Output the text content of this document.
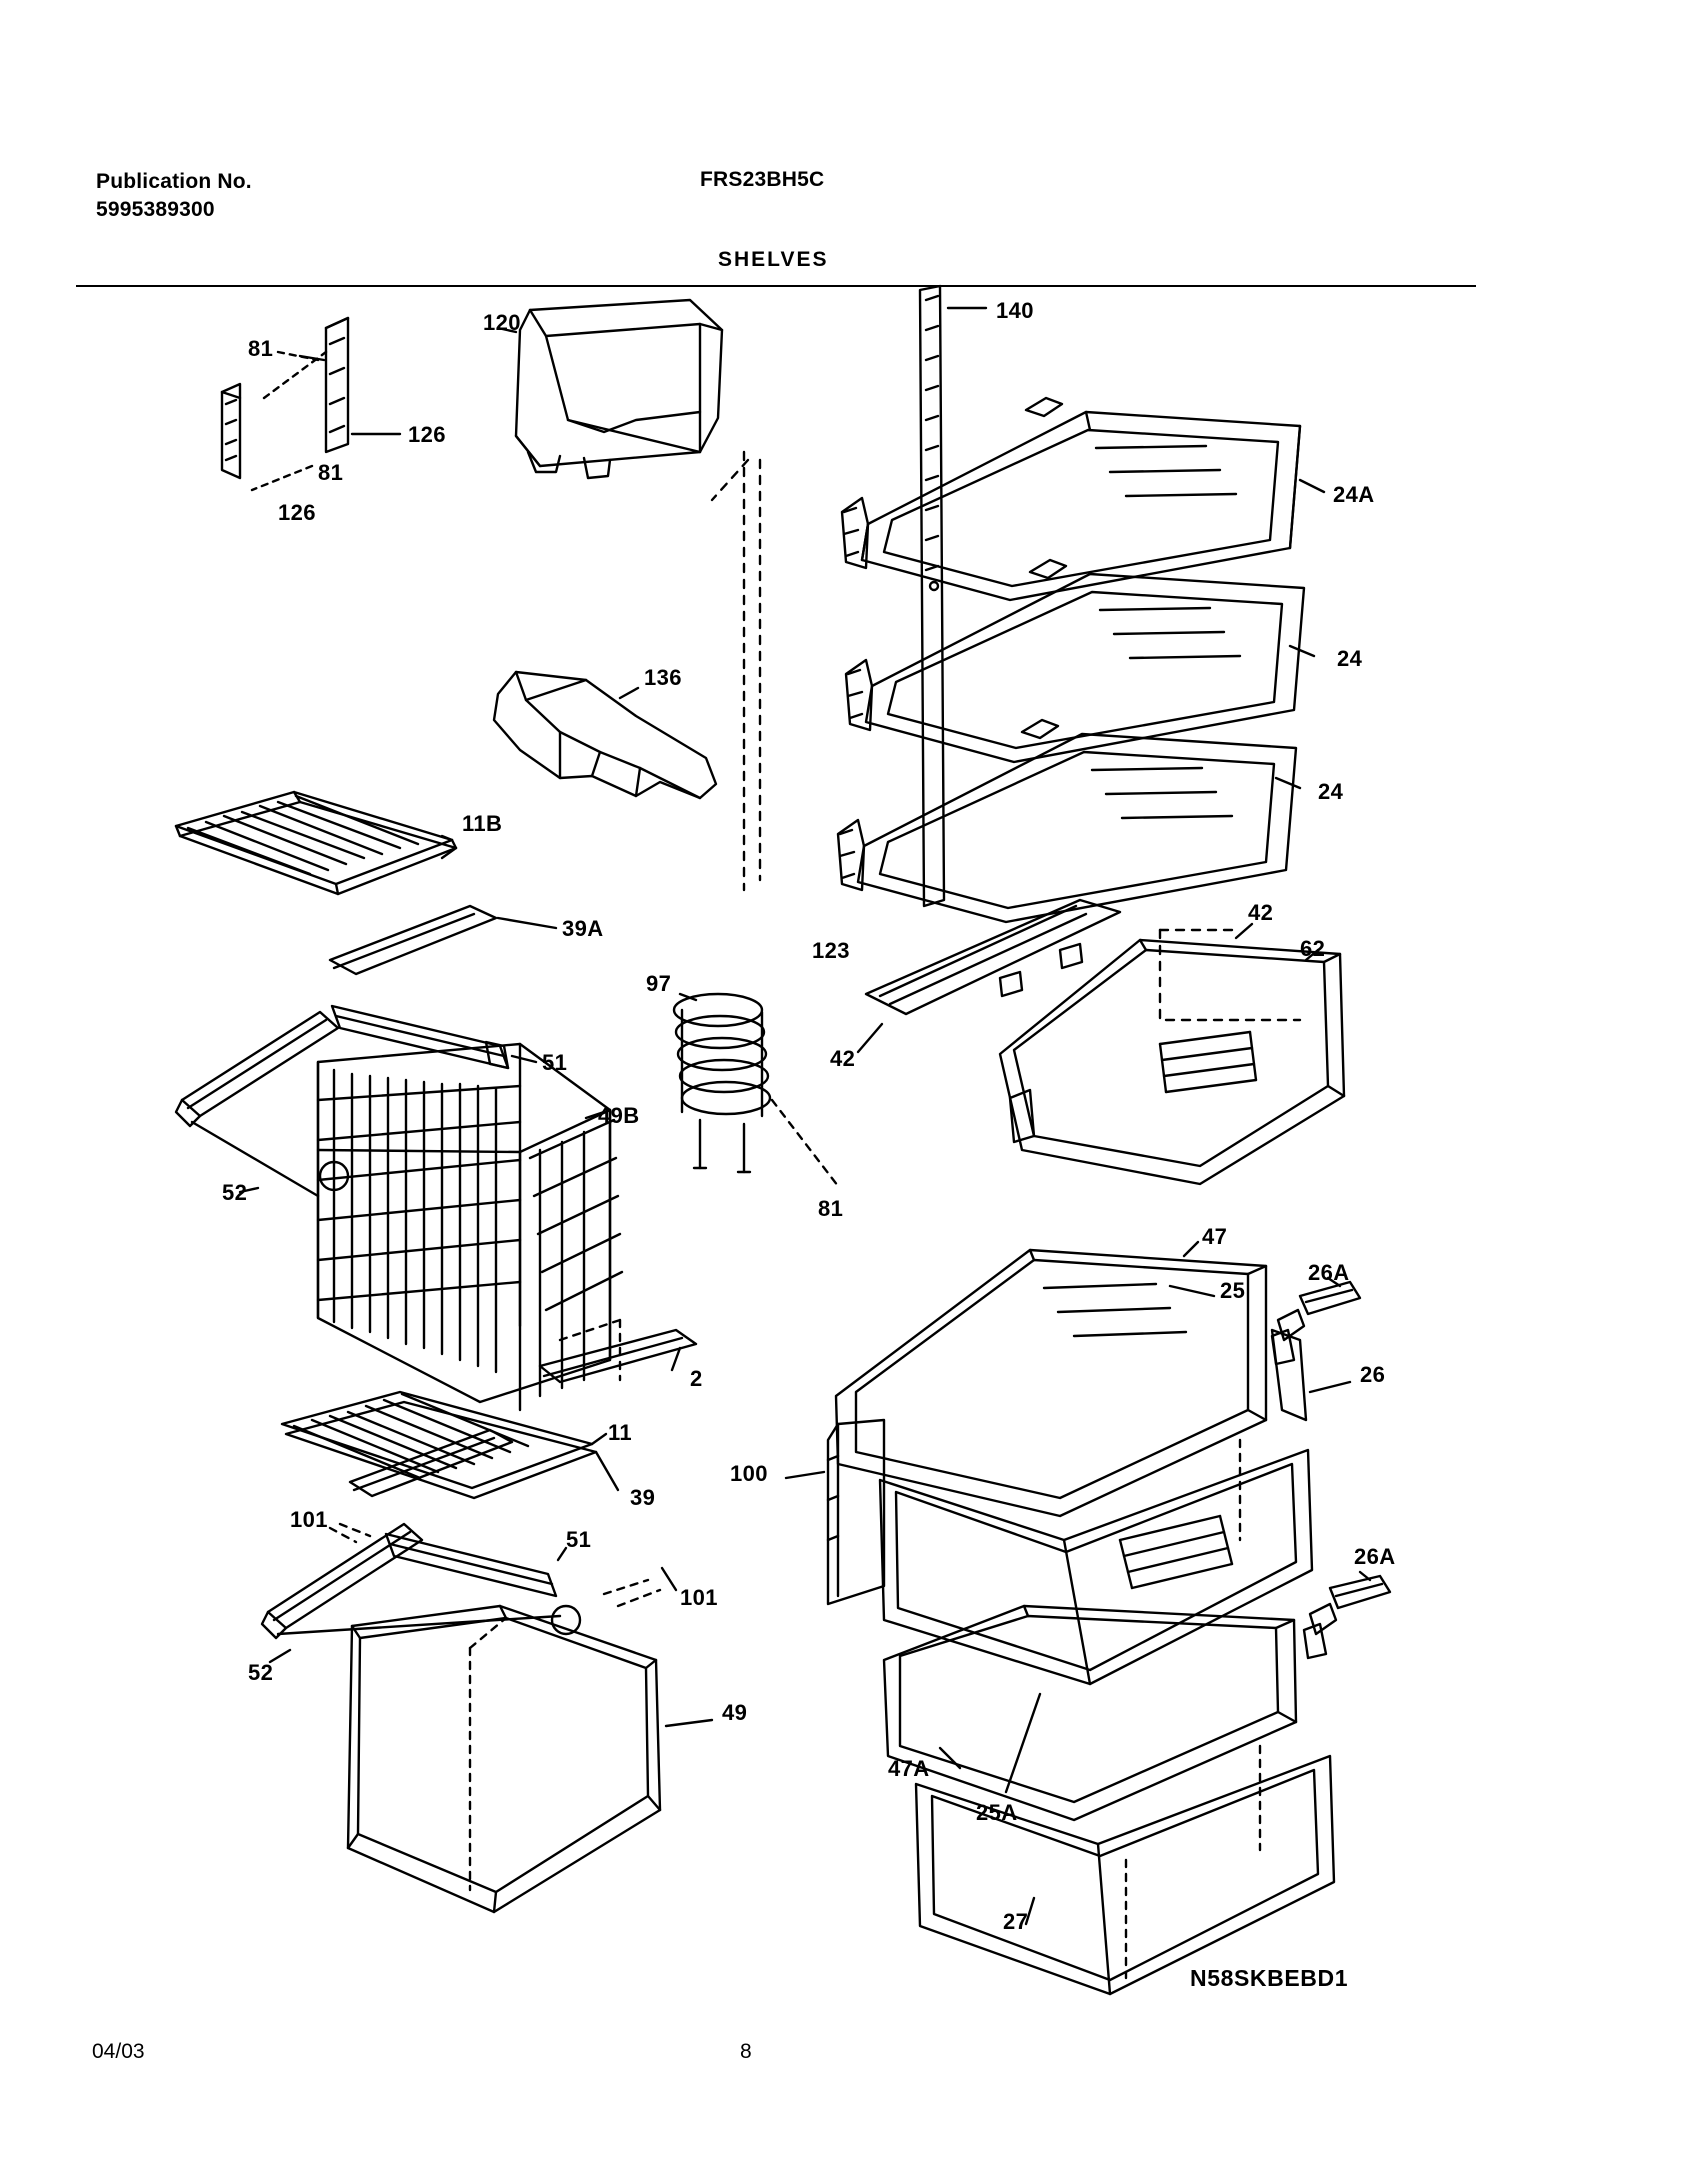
Publication No.
5995389300
FRS23BH5C
SHELVES
81
126
81
126
120	140
24A
24
24
136
11B
39A
123
42
62
97
51	42
49B
52
81
47
26A
25
26
2
11
100
39
101
51
101
26A
52
49
47A
25A
27
N58SKBEBD1
04/03	8
